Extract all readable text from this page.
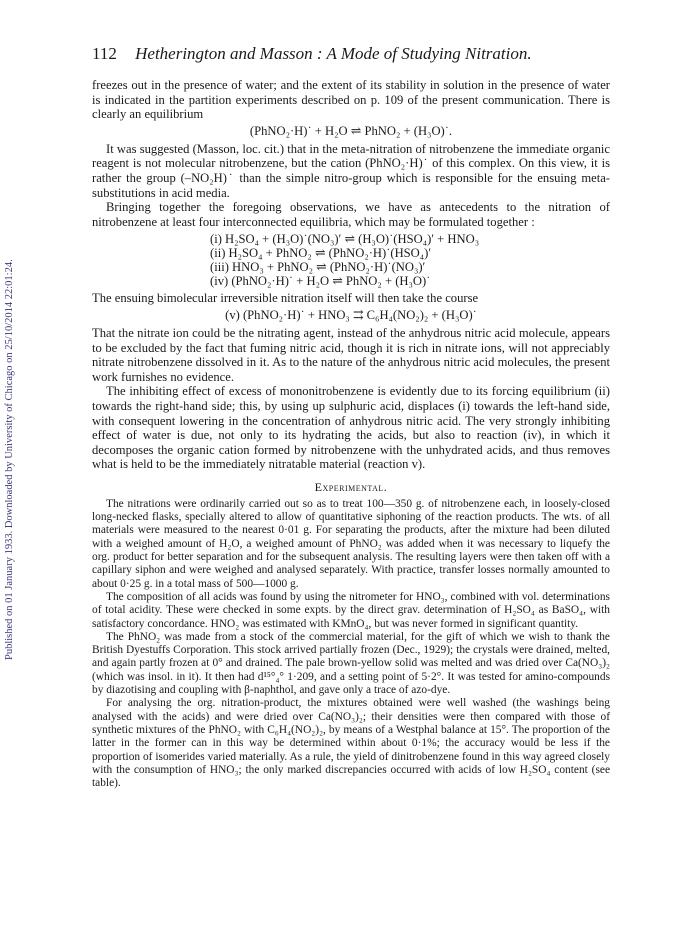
Published on 01 January 1933. Downloaded by University of Chicago on 25/10/2014 22:01:24.
112 Hetherington and Masson : A Mode of Studying Nitration.

freezes out in the presence of water; and the extent of its stability in solution in the presence of water is indicated in the partition experiments described on p. 109 of the present communication. There is clearly an equilibrium

(PhNO₂·H)˙ + H₂O ⇌ PhNO₂ + (H₃O)˙.

It was suggested (Masson, loc. cit.) that in the meta-nitration of nitrobenzene the immediate organic reagent is not molecular nitrobenzene, but the cation (PhNO₂·H)˙ of this complex. On this view, it is rather the group (–NO₂H)˙ than the simple nitro-group which is responsible for the ensuing meta-substitutions in acid media.

Bringing together the foregoing observations, we have as antecedents to the nitration of nitrobenzene at least four interconnected equilibria, which may be formulated together :

(i) H₂SO₄ + (H₃O)˙(NO₃)′ ⇌ (H₃O)˙(HSO₄)′ + HNO₃
(ii) H₂SO₄ + PhNO₂ ⇌ (PhNO₂·H)˙(HSO₄)′
(iii) HNO₃ + PhNO₂ ⇌ (PhNO₂·H)˙(NO₃)′
(iv) (PhNO₂·H)˙ + H₂O ⇌ PhNO₂ + (H₃O)˙

The ensuing bimolecular irreversible nitration itself will then take the course

(v) (PhNO₂·H)˙ + HNO₃ ⇉ C₆H₄(NO₂)₂ + (H₃O)˙

That the nitrate ion could be the nitrating agent, instead of the anhydrous nitric acid molecule, appears to be excluded by the fact that fuming nitric acid, though it is rich in nitrate ions, will not appreciably nitrate nitrobenzene dissolved in it. As to the nature of the anhydrous nitric acid molecules, the present work furnishes no evidence.

The inhibiting effect of excess of mononitrobenzene is evidently due to its forcing equilibrium (ii) towards the right-hand side; this, by using up sulphuric acid, displaces (i) towards the left-hand side, with consequent lowering in the concentration of anhydrous nitric acid. The very strongly inhibiting effect of water is due, not only to its hydrating the acids, but also to reaction (iv), in which it decomposes the organic cation formed by nitrobenzene with the unhydrated acids, and thus removes what is held to be the immediately nitratable material (reaction v).

Experimental.

The nitrations were ordinarily carried out so as to treat 100—350 g. of nitrobenzene each, in loosely-closed long-necked flasks, specially altered to allow of quantitative siphoning of the reaction products. The wts. of all materials were measured to the nearest 0·01 g. For separating the products, after the mixture had been diluted with a weighed amount of H₂O, a weighed amount of PhNO₂ was added when it was necessary to liquefy the org. product for better separation and for the subsequent analysis. The resulting layers were then taken off with a capillary siphon and were weighed and analysed separately. With practice, transfer losses normally amounted to about 0·25 g. in a total mass of 500—1000 g.

The composition of all acids was found by using the nitrometer for HNO₃, combined with vol. determinations of total acidity. These were checked in some expts. by the direct grav. determination of H₂SO₄ as BaSO₄, with satisfactory concordance. HNO₂ was estimated with KMnO₄, but was never formed in significant quantity.

The PhNO₂ was made from a stock of the commercial material, for the gift of which we wish to thank the British Dyestuffs Corporation. This stock arrived partially frozen (Dec., 1929); the crystals were drained, melted, and again partly frozen at 0° and drained. The pale brown-yellow solid was melted and was dried over Ca(NO₃)₂ (which was insol. in it). It then had d¹⁵°₄° 1·209, and a setting point of 5·2°. It was tested for amino-compounds by diazotising and coupling with β-naphthol, and gave only a trace of azo-dye.

For analysing the org. nitration-product, the mixtures obtained were well washed (the washings being analysed with the acids) and were dried over Ca(NO₃)₂; their densities were then compared with those of synthetic mixtures of the PhNO₂ with C₆H₄(NO₂)₂, by means of a Westphal balance at 15°. The proportion of the latter in the former can in this way be determined within about 0·1%; the accuracy would be less if the proportion of isomerides varied materially. As a rule, the yield of dinitrobenzene found in this way agreed closely with the consumption of HNO₃; the only marked discrepancies occurred with acids of low H₂SO₄ content (see table).
